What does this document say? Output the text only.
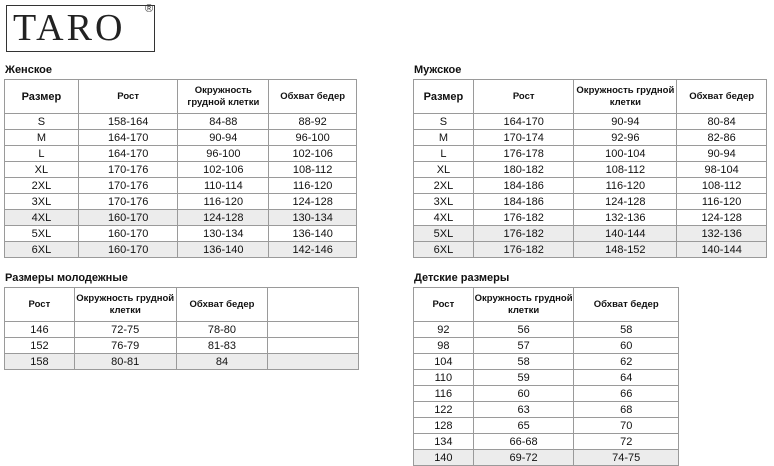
TARO ®
Женское
Размер	Рост	Окружность грудной клетки	Обхват бедер
S	158-164	84-88	88-92
M	164-170	90-94	96-100
L	164-170	96-100	102-106
XL	170-176	102-106	108-112
2XL	170-176	110-114	116-120
3XL	170-176	116-120	124-128
4XL	160-170	124-128	130-134
5XL	160-170	130-134	136-140
6XL	160-170	136-140	142-146
Мужское
Размер	Рост	Окружность грудной клетки	Обхват бедер
S	164-170	90-94	80-84
M	170-174	92-96	82-86
L	176-178	100-104	90-94
XL	180-182	108-112	98-104
2XL	184-186	116-120	108-112
3XL	184-186	124-128	116-120
4XL	176-182	132-136	124-128
5XL	176-182	140-144	132-136
6XL	176-182	148-152	140-144
Размеры молодежные
Рост	Окружность грудной клетки	Обхват бедер	
146	72-75	78-80	
152	76-79	81-83	
158	80-81	84	
Детские размеры
Рост	Окружность грудной клетки	Обхват бедер
92	56	58
98	57	60
104	58	62
110	59	64
116	60	66
122	63	68
128	65	70
134	66-68	72
140	69-72	74-75
